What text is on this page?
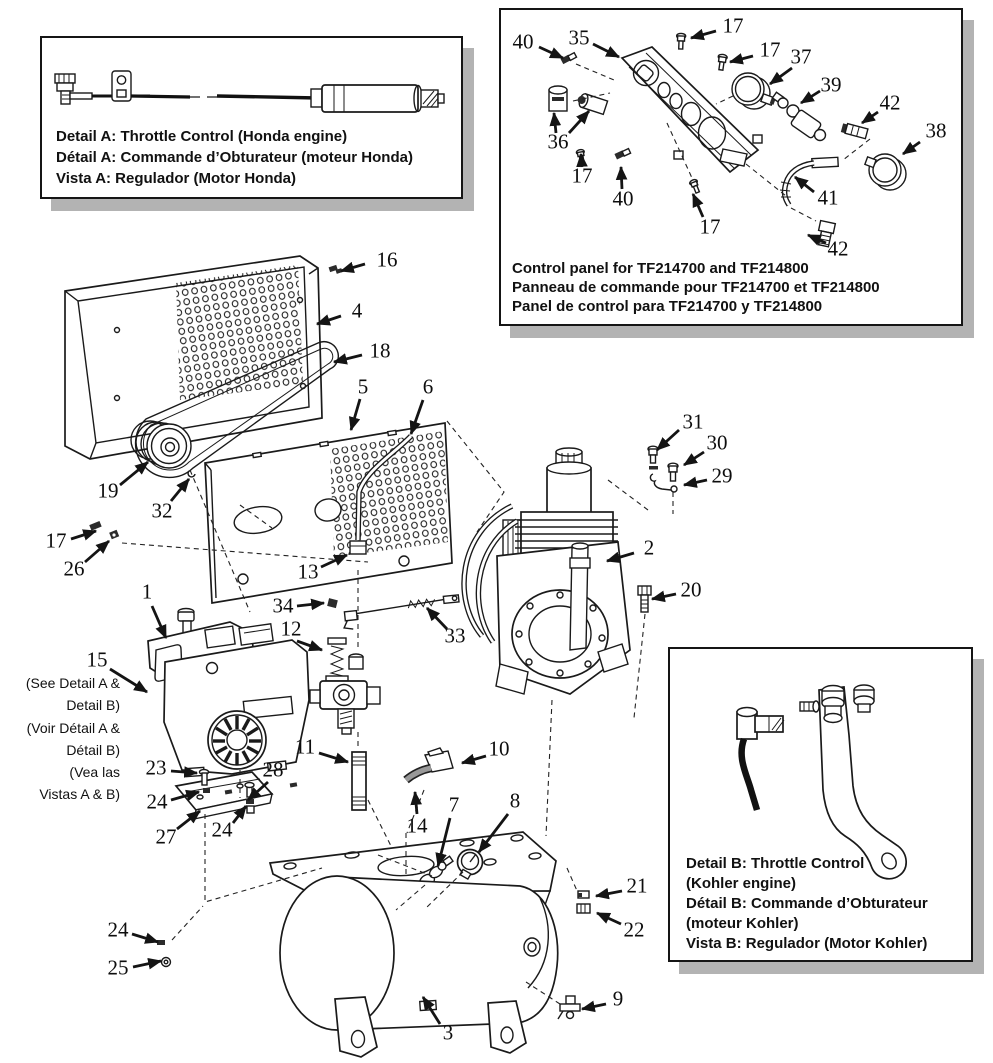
Detail A: Throttle Control (Honda engine)
Détail A: Commande d’Obturateur (moteur Honda)
Vista A: Regulador (Motor Honda)
Control panel for TF214700 and TF214800
Panneau de commande pour TF214700 et TF214800
Panel de control para TF214700 y TF214800
Detail B: Throttle Control
(Kohler engine)
Détail B: Commande d’Obturateur
(moteur Kohler)
Vista B: Regulador (Motor Kohler)
(See Detail A &
Detail B)
(Voir Détail A &
Détail B)
(Vea las
Vistas A & B)
16
4
18
5	6
19
32
17
26
31
30
29
2
20
13
34
33
1
12
15
11	10
7 8
14
23	28
24
27 24
24
25
21
22
9
3
40 35	17
17 37
39
42
38
36
17
40
17
41
42
